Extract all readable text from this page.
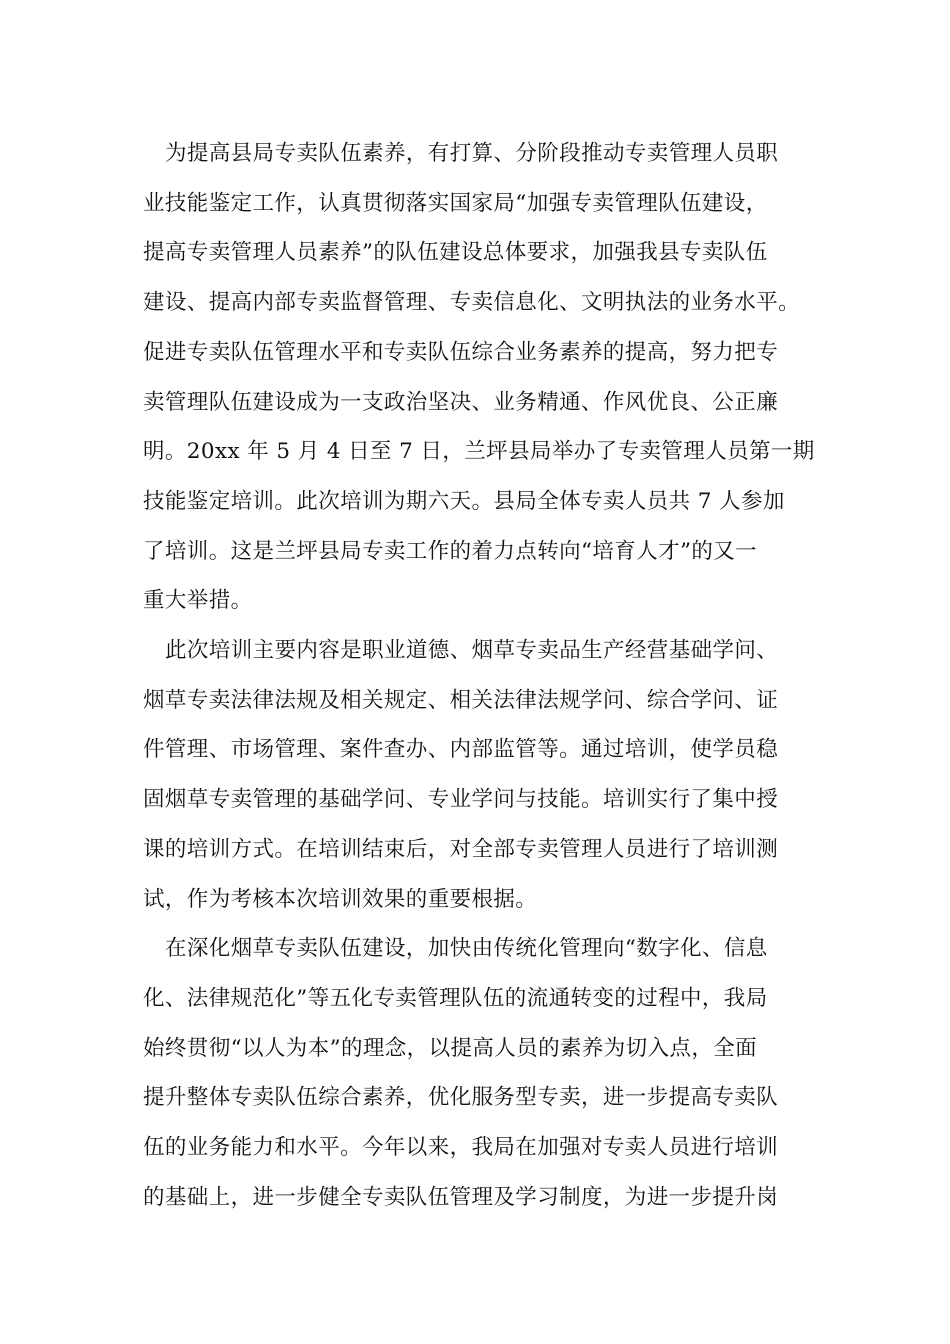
为提高县局专卖队伍素养，有打算、分阶段推动专卖管理人员职
业技能鉴定工作，认真贯彻落实国家局“加强专卖管理队伍建设，
提高专卖管理人员素养”的队伍建设总体要求，加强我县专卖队伍
建设、提高内部专卖监督管理、专卖信息化、文明执法的业务水平。
促进专卖队伍管理水平和专卖队伍综合业务素养的提高，努力把专
卖管理队伍建设成为一支政治坚决、业务精通、作风优良、公正廉
明。20xx 年 5 月 4 日至 7 日，兰坪县局举办了专卖管理人员第一期
技能鉴定培训。此次培训为期六天。县局全体专卖人员共 7 人参加
了培训。这是兰坪县局专卖工作的着力点转向“培育人才”的又一
重大举措。

此次培训主要内容是职业道德、烟草专卖品生产经营基础学问、
烟草专卖法律法规及相关规定、相关法律法规学问、综合学问、证
件管理、市场管理、案件查办、内部监管等。通过培训，使学员稳
固烟草专卖管理的基础学问、专业学问与技能。培训实行了集中授
课的培训方式。在培训结束后，对全部专卖管理人员进行了培训测
试，作为考核本次培训效果的重要根据。

在深化烟草专卖队伍建设，加快由传统化管理向“数字化、信息
化、法律规范化”等五化专卖管理队伍的流通转变的过程中，我局
始终贯彻“以人为本”的理念，以提高人员的素养为切入点，全面
提升整体专卖队伍综合素养，优化服务型专卖，进一步提高专卖队
伍的业务能力和水平。今年以来，我局在加强对专卖人员进行培训
的基础上，进一步健全专卖队伍管理及学习制度，为进一步提升岗
